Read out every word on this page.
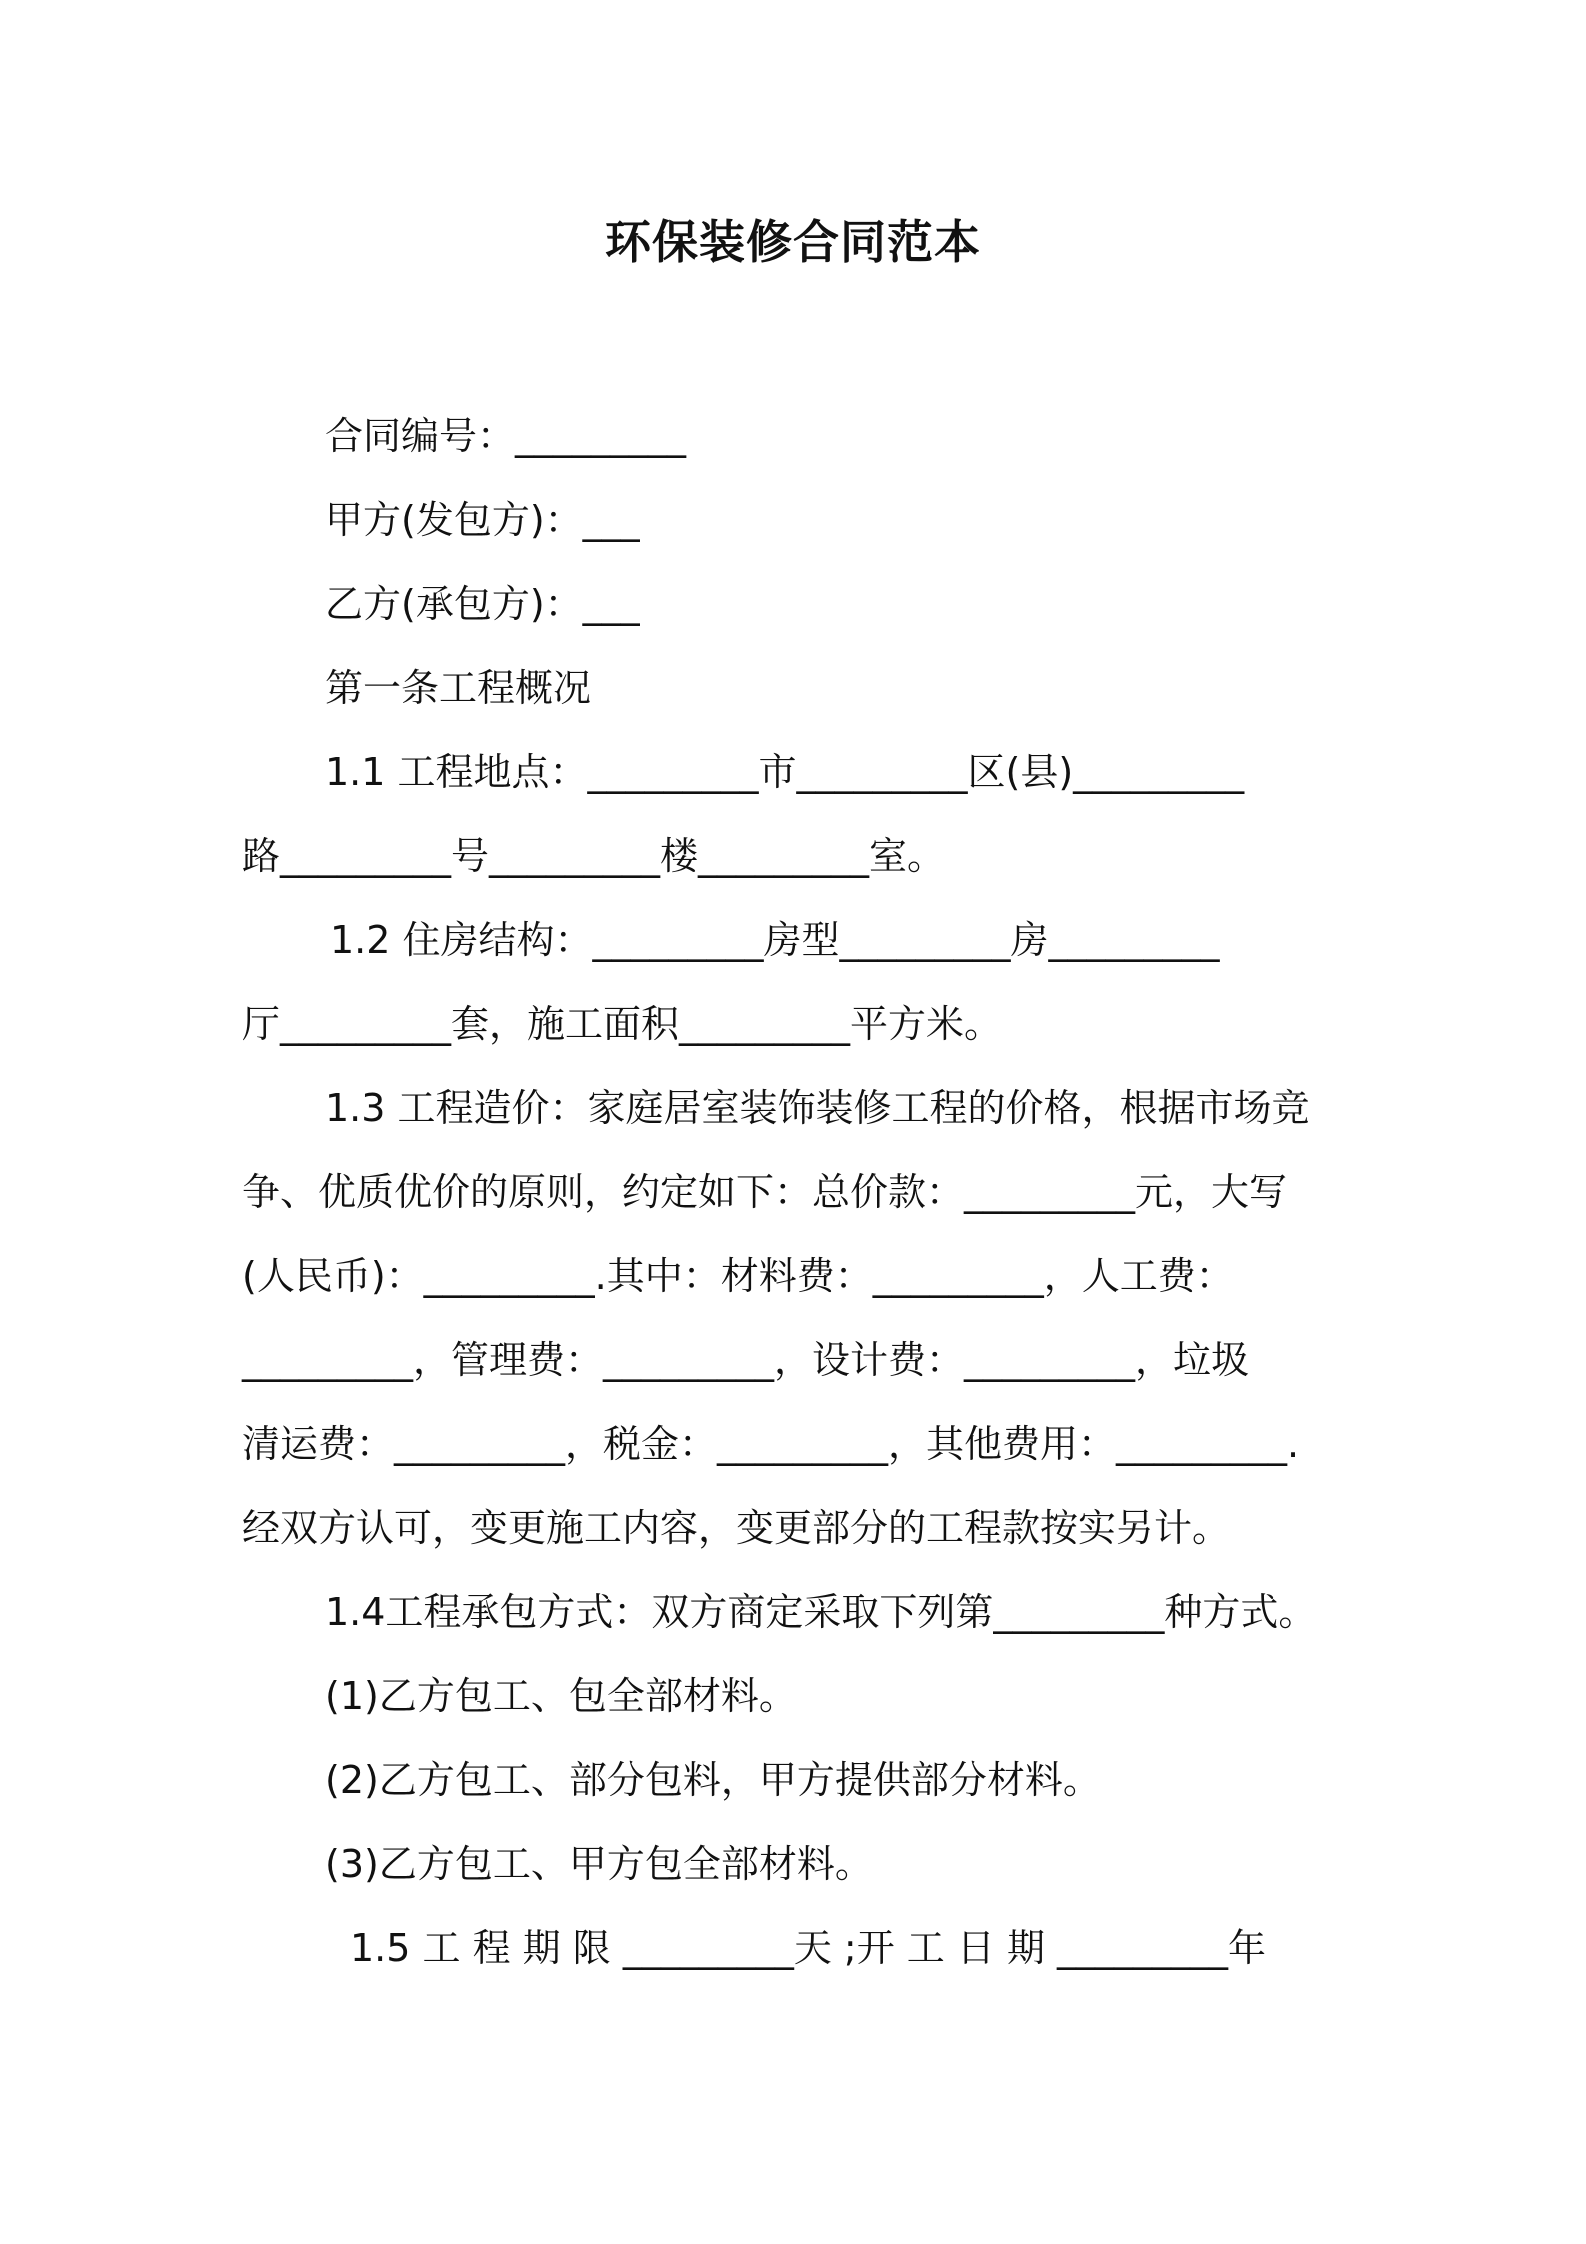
环保装修合同范本
合同编号：_________
甲方(发包方)：___
乙方(承包方)：___
第一条工程概况
1.1 工程地点：_________市_________区(县)_________
路_________号_________楼_________室。
1.2 住房结构：_________房型_________房_________
厅_________套，施工面积_________平方米。
1.3 工程造价：家庭居室装饰装修工程的价格，根据市场竞
争、优质优价的原则，约定如下：总价款：_________元，大写
(人民币)：_________.其中：材料费：_________，人工费：
_________，管理费：_________，设计费：_________，垃圾
清运费：_________，税金：_________，其他费用：_________.
经双方认可，变更施工内容，变更部分的工程款按实另计。
1.4工程承包方式：双方商定采取下列第_________种方式。
(1)乙方包工、包全部材料。
(2)乙方包工、部分包料，甲方提供部分材料。
(3)乙方包工、甲方包全部材料。
1.5 工 程 期 限 _________天 ;开 工 日 期 _________年
